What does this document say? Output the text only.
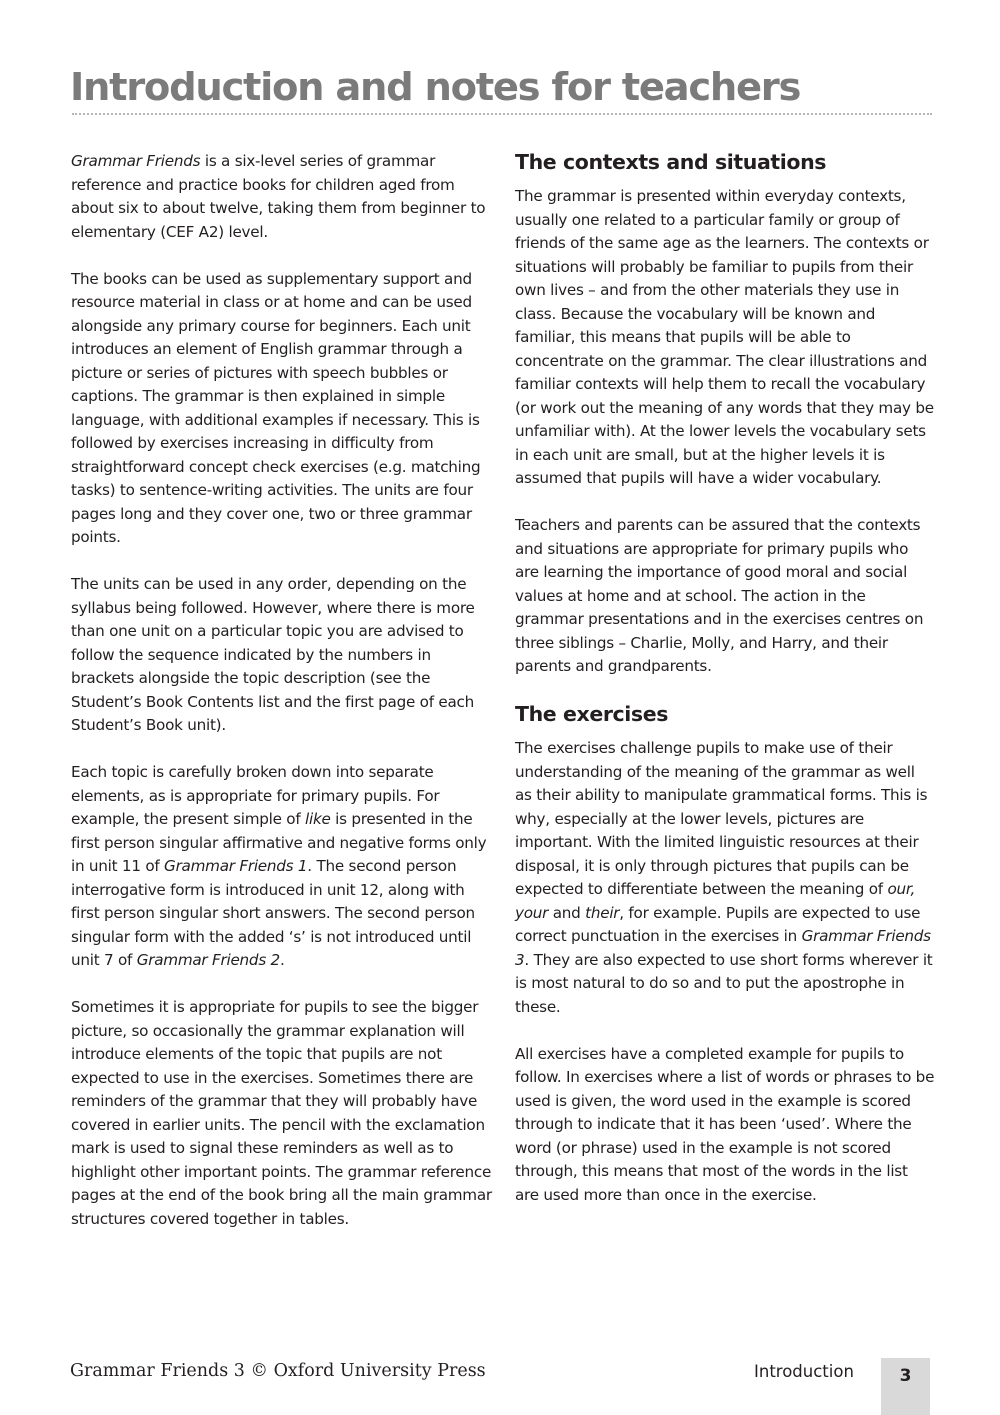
Introduction and notes for teachers

Grammar Friends is a six-level series of grammar reference and practice books for children aged from about six to about twelve, taking them from beginner to elementary (CEF A2) level.

The books can be used as supplementary support and resource material in class or at home and can be used alongside any primary course for beginners. Each unit introduces an element of English grammar through a picture or series of pictures with speech bubbles or captions. The grammar is then explained in simple language, with additional examples if necessary. This is followed by exercises increasing in difficulty from straightforward concept check exercises (e.g. matching tasks) to sentence-writing activities. The units are four pages long and they cover one, two or three grammar points.

The units can be used in any order, depending on the syllabus being followed. However, where there is more than one unit on a particular topic you are advised to follow the sequence indicated by the numbers in brackets alongside the topic description (see the Student’s Book Contents list and the first page of each Student’s Book unit).

Each topic is carefully broken down into separate elements, as is appropriate for primary pupils. For example, the present simple of like is presented in the first person singular affirmative and negative forms only in unit 11 of Grammar Friends 1. The second person interrogative form is introduced in unit 12, along with first person singular short answers. The second person singular form with the added ‘s’ is not introduced until unit 7 of Grammar Friends 2.

Sometimes it is appropriate for pupils to see the bigger picture, so occasionally the grammar explanation will introduce elements of the topic that pupils are not expected to use in the exercises. Sometimes there are reminders of the grammar that they will probably have covered in earlier units. The pencil with the exclamation mark is used to signal these reminders as well as to highlight other important points. The grammar reference pages at the end of the book bring all the main grammar structures covered together in tables.

The contexts and situations

The grammar is presented within everyday contexts, usually one related to a particular family or group of friends of the same age as the learners. The contexts or situations will probably be familiar to pupils from their own lives – and from the other materials they use in class. Because the vocabulary will be known and familiar, this means that pupils will be able to concentrate on the grammar. The clear illustrations and familiar contexts will help them to recall the vocabulary (or work out the meaning of any words that they may be unfamiliar with). At the lower levels the vocabulary sets in each unit are small, but at the higher levels it is assumed that pupils will have a wider vocabulary.

Teachers and parents can be assured that the contexts and situations are appropriate for primary pupils who are learning the importance of good moral and social values at home and at school. The action in the grammar presentations and in the exercises centres on three siblings – Charlie, Molly, and Harry, and their parents and grandparents.

The exercises

The exercises challenge pupils to make use of their understanding of the meaning of the grammar as well as their ability to manipulate grammatical forms. This is why, especially at the lower levels, pictures are important. With the limited linguistic resources at their disposal, it is only through pictures that pupils can be expected to differentiate between the meaning of our, your and their, for example. Pupils are expected to use correct punctuation in the exercises in Grammar Friends 3. They are also expected to use short forms wherever it is most natural to do so and to put the apostrophe in these.

All exercises have a completed example for pupils to follow. In exercises where a list of words or phrases to be used is given, the word used in the example is scored through to indicate that it has been ‘used’. Where the word (or phrase) used in the example is not scored through, this means that most of the words in the list are used more than once in the exercise.

Grammar Friends 3 © Oxford University Press	Introduction	3
